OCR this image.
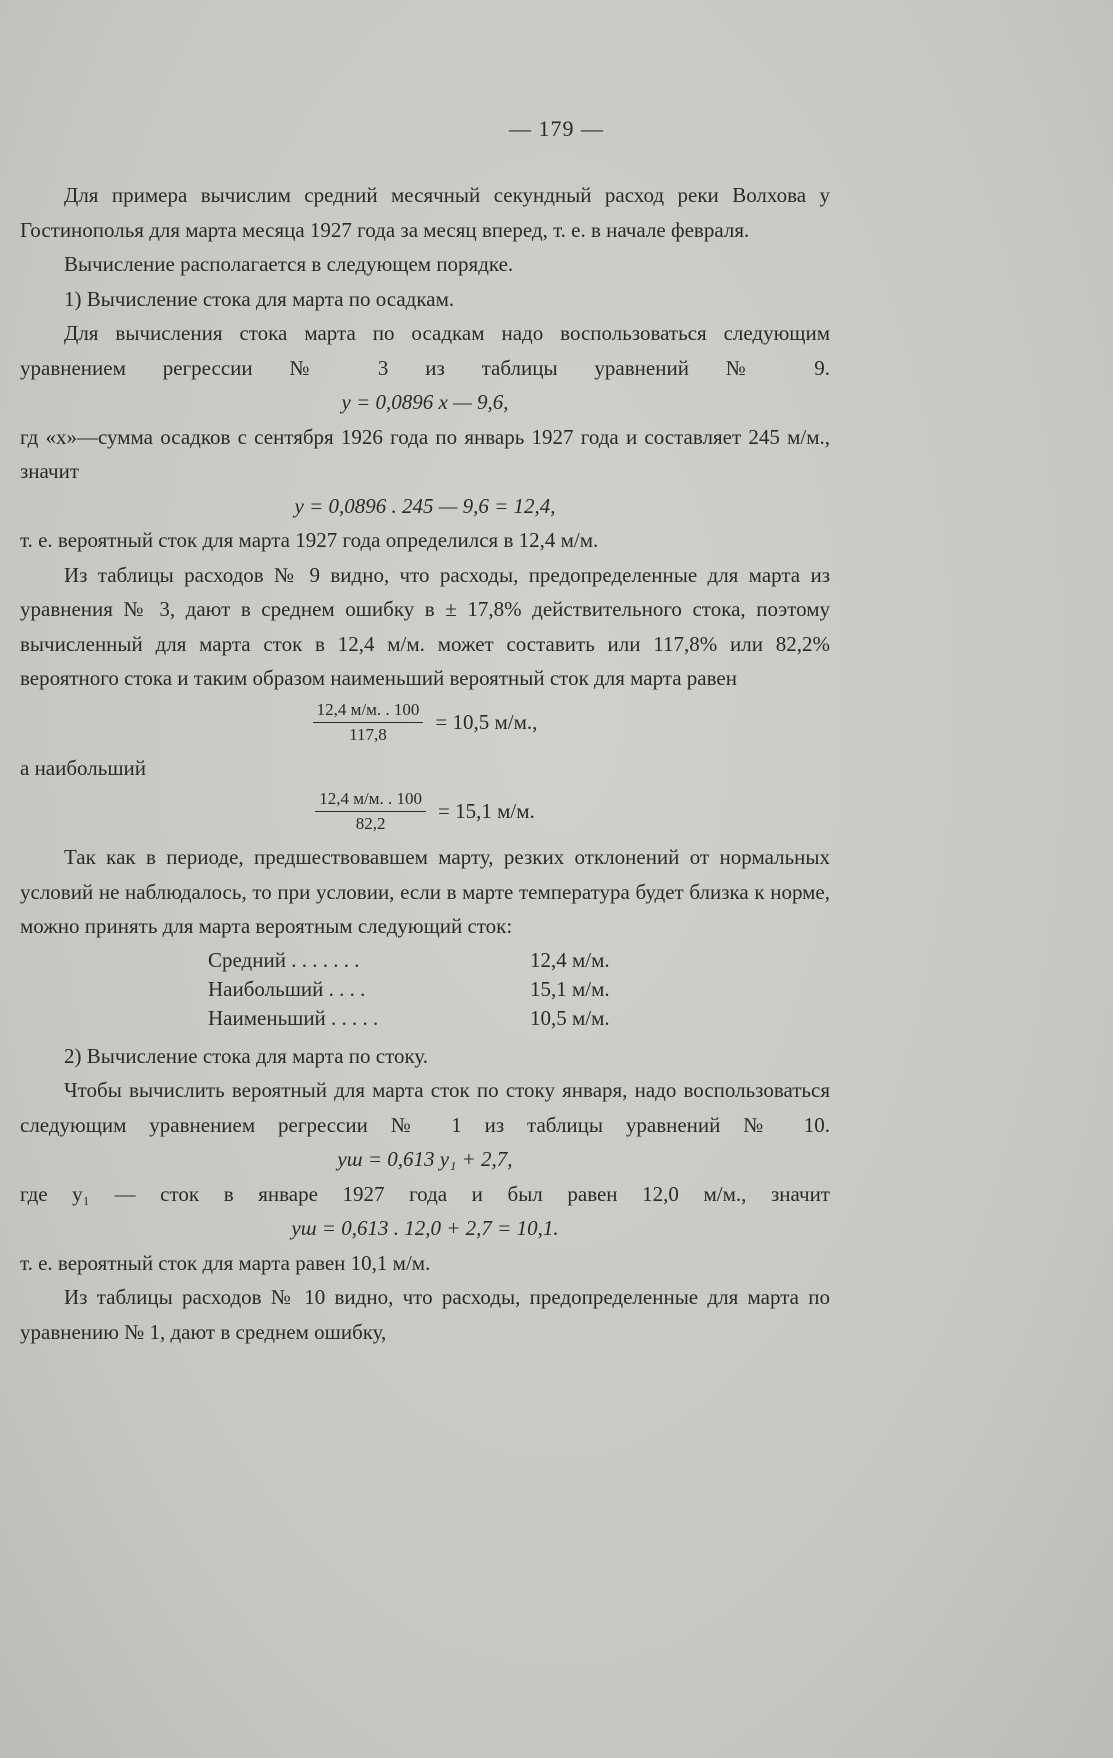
— 179 —

Для примера вычислим средний месячный секундный расход реки Волхова у Гостинополья для марта месяца 1927 года за месяц вперед, т. е. в начале февраля.

Вычисление располагается в следующем порядке.

1) Вычисление стока для марта по осадкам.

Для вычисления стока марта по осадкам надо воспользоваться следующим уравнением регрессии № 3 из таблицы уравнений № 9.

y = 0,0896 x — 9,6,

гд «x»—сумма осадков с сентября 1926 года по январь 1927 года и составляет 245 м/м., значит

y = 0,0896 . 245 — 9,6 = 12,4,

т. е. вероятный сток для марта 1927 года определился в 12,4 м/м.

Из таблицы расходов № 9 видно, что расходы, предопределенные для марта из уравнения № 3, дают в среднем ошибку в ± 17,8% действительного стока, поэтому вычисленный для марта сток в 12,4 м/м. может составить или 117,8% или 82,2% вероятного стока и таким образом наименьший вероятный сток для марта равен

$\frac{12,4 м/м. . 100}{117,8} = 10,5$ м/м.,

а наибольший

$\frac{12,4 м/м. . 100}{82,2} = 15,1$ м/м.

Так как в периоде, предшествовавшем марту, резких отклонений от нормальных условий не наблюдалось, то при условии, если в марте температура будет близка к норме, можно принять для марта вероятным следующий сток:

Средний . . . . . . .	12,4 м/м.
Наибольший . . . .	15,1 м/м.
Наименьший . . . . .	10,5 м/м.

2) Вычисление стока для марта по стоку.

Чтобы вычислить вероятный для марта сток по стоку января, надо воспользоваться следующим уравнением регрессии № 1 из таблицы уравнений № 10.

yш = 0,613 y₁ + 2,7,

где y₁ — сток в январе 1927 года и был равен 12,0 м/м., значит

yш = 0,613 . 12,0 + 2,7 = 10,1.

т. е. вероятный сток для марта равен 10,1 м/м.

Из таблицы расходов № 10 видно, что расходы, предопределенные для марта по уравнению № 1, дают в среднем ошибку,
